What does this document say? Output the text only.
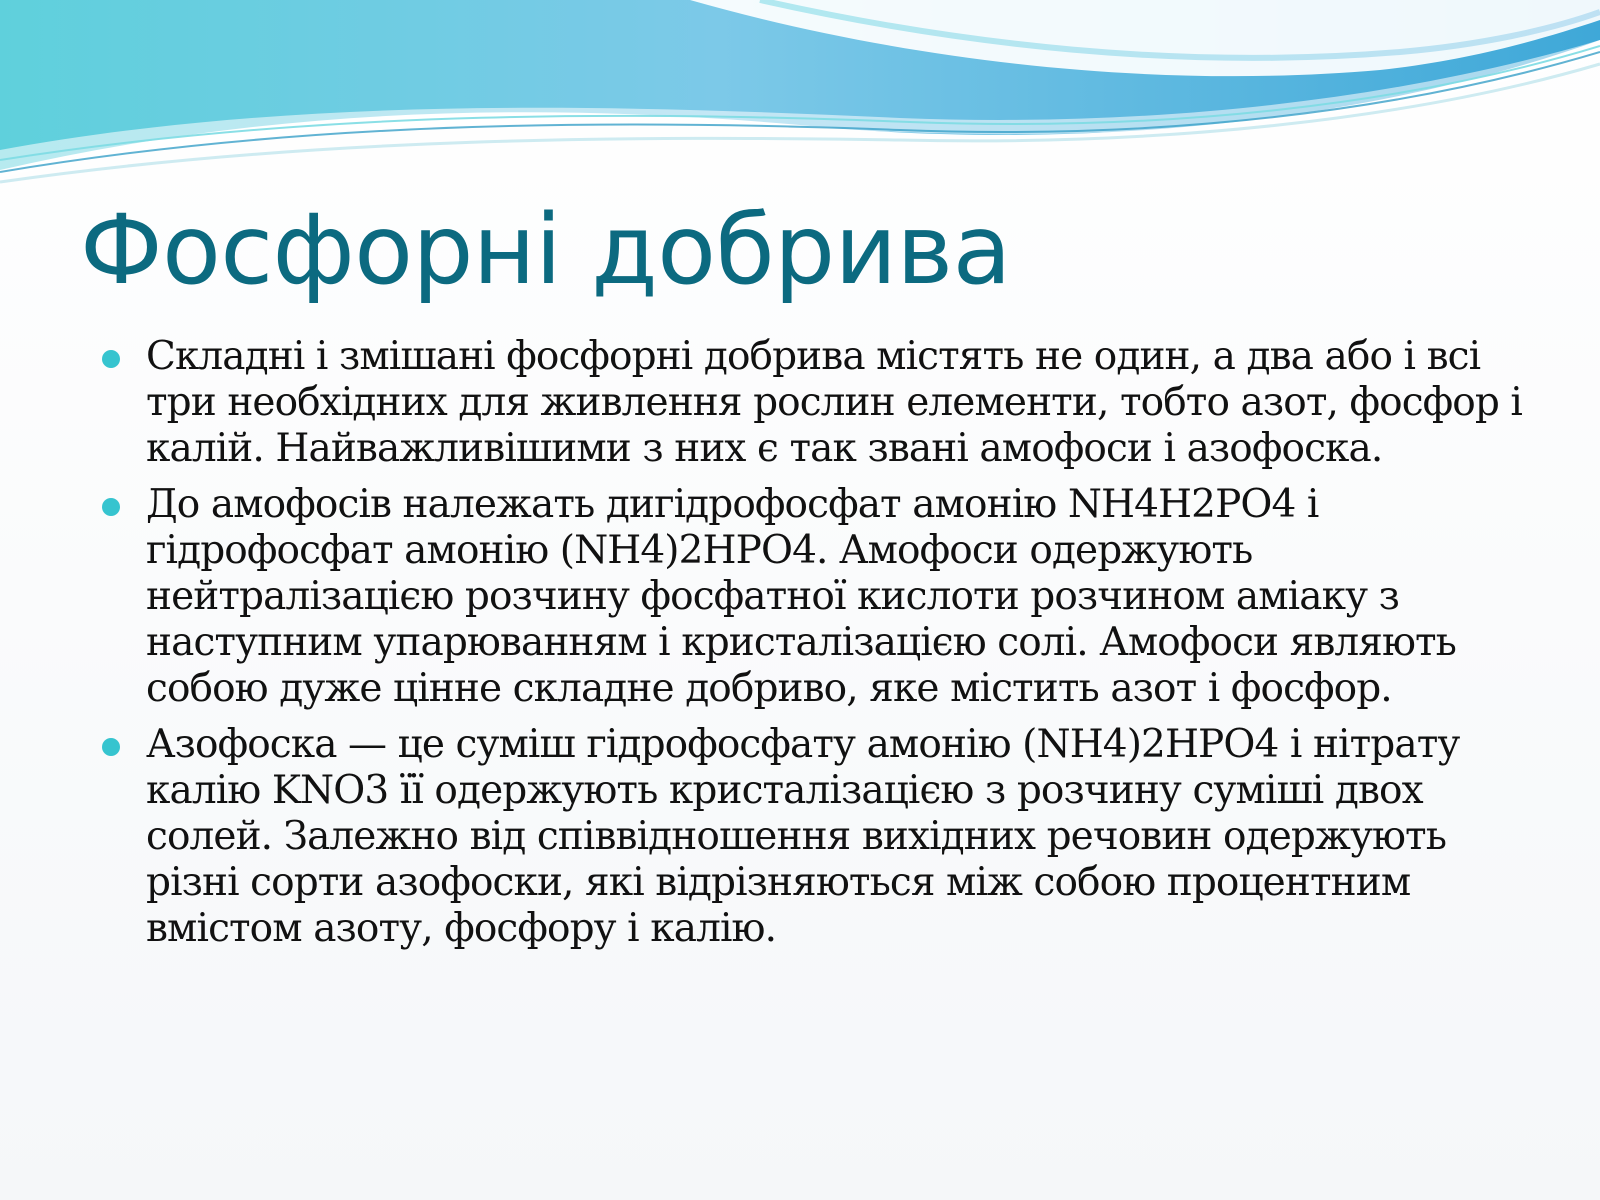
Фосфорні добрива
Складні і змішані фосфорні добрива містять не один, а два або і всі три необхідних для живлення рослин елементи, тобто азот, фосфор і калій. Найважливішими з них є так звані амофоси і азофоска.
До амофосів належать дигідрофосфат амонію NH4H2PO4 і гідрофосфат амонію (NH4)2HPO4. Амофоси одержують нейтралізацією розчину фосфатної кислоти розчином аміаку з наступним упарюванням і кристалізацією солі. Амофоси являють собою дуже цінне складне добриво, яке містить азот і фосфор.
Азофоска — це суміш гідрофосфату амонію (NH4)2HPO4 і нітрату калію KNO3 її одержують кристалізацією з розчину суміші двох солей. Залежно від співвідношення вихідних речовин одержують різні сорти азофоски, які відрізняються між собою процентним вмістом азоту, фосфору і калію.
